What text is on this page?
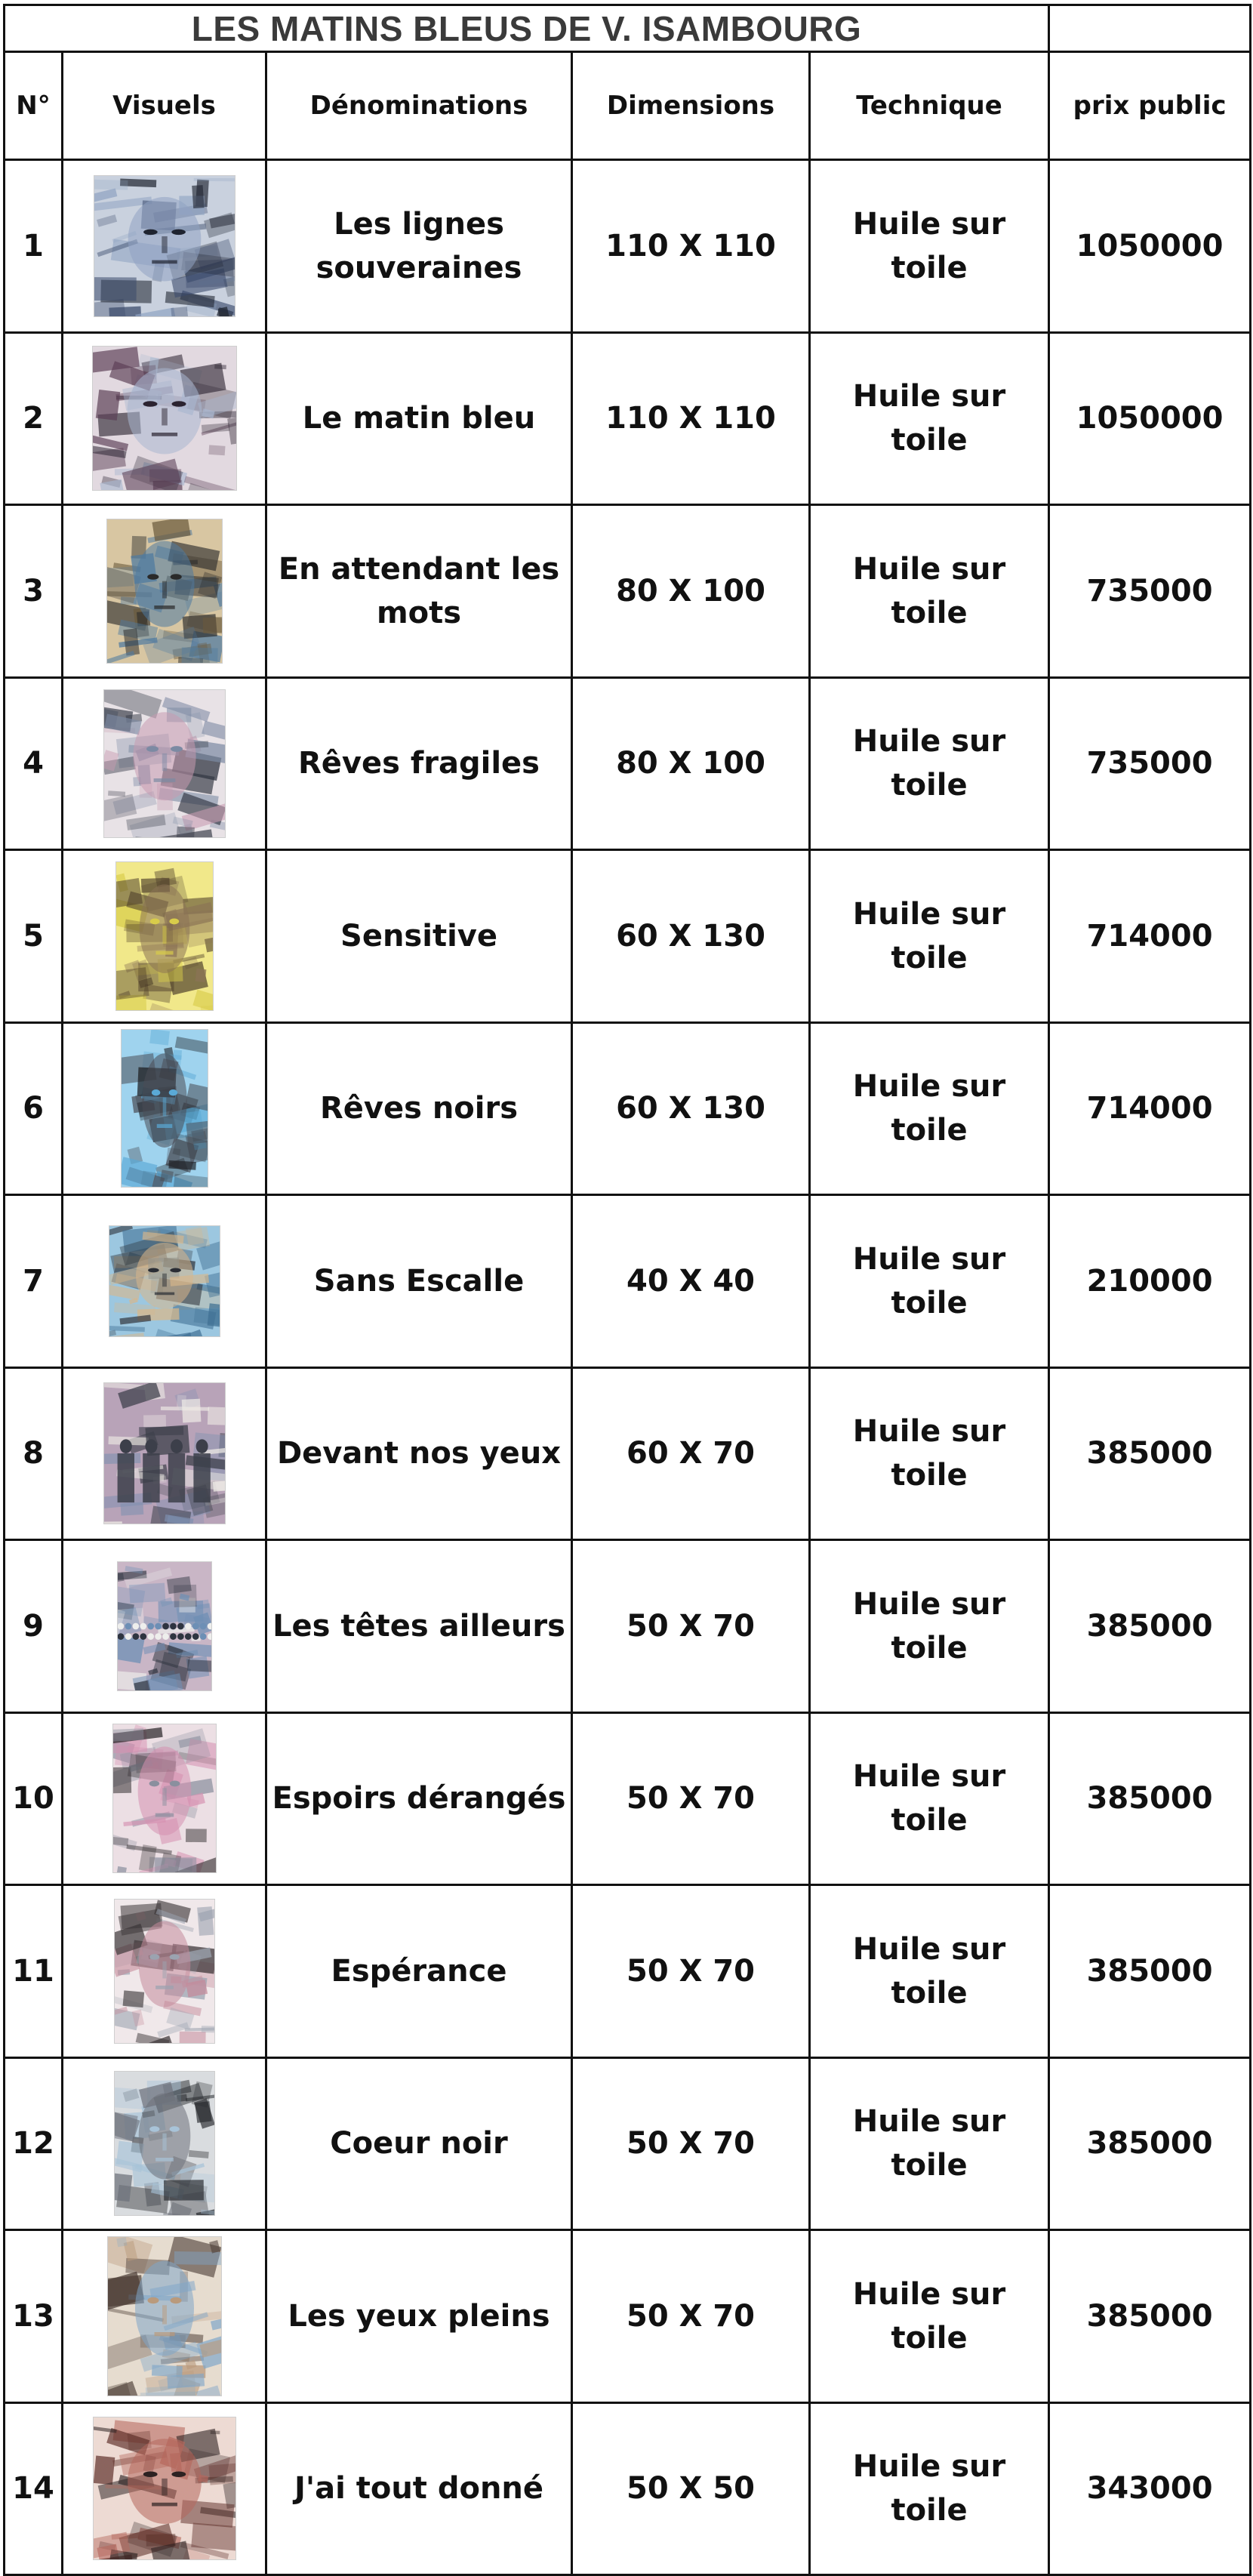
LES MATINS BLEUS DE V. ISAMBOURG					
N°	Visuels	Dénominations	Dimensions	Technique	prix public
1		Les lignes souveraines	110 X 110	Huile sur toile	1050000
2		Le matin bleu	110 X 110	Huile sur toile	1050000
3		En attendant les mots	80 X 100	Huile sur toile	735000
4		Rêves fragiles	80 X 100	Huile sur toile	735000
5		Sensitive	60 X 130	Huile sur toile	714000
6		Rêves noirs	60 X 130	Huile sur toile	714000
7		Sans Escalle	40 X 40	Huile sur toile	210000
8		Devant nos yeux	60 X 70	Huile sur toile	385000
9		Les têtes ailleurs	50 X 70	Huile sur toile	385000
10		Espoirs dérangés	50 X 70	Huile sur toile	385000
11		Espérance	50 X 70	Huile sur toile	385000
12		Coeur noir	50 X 70	Huile sur toile	385000
13		Les yeux pleins	50 X 70	Huile sur toile	385000
14		J'ai tout donné	50 X 50	Huile sur toile	343000
